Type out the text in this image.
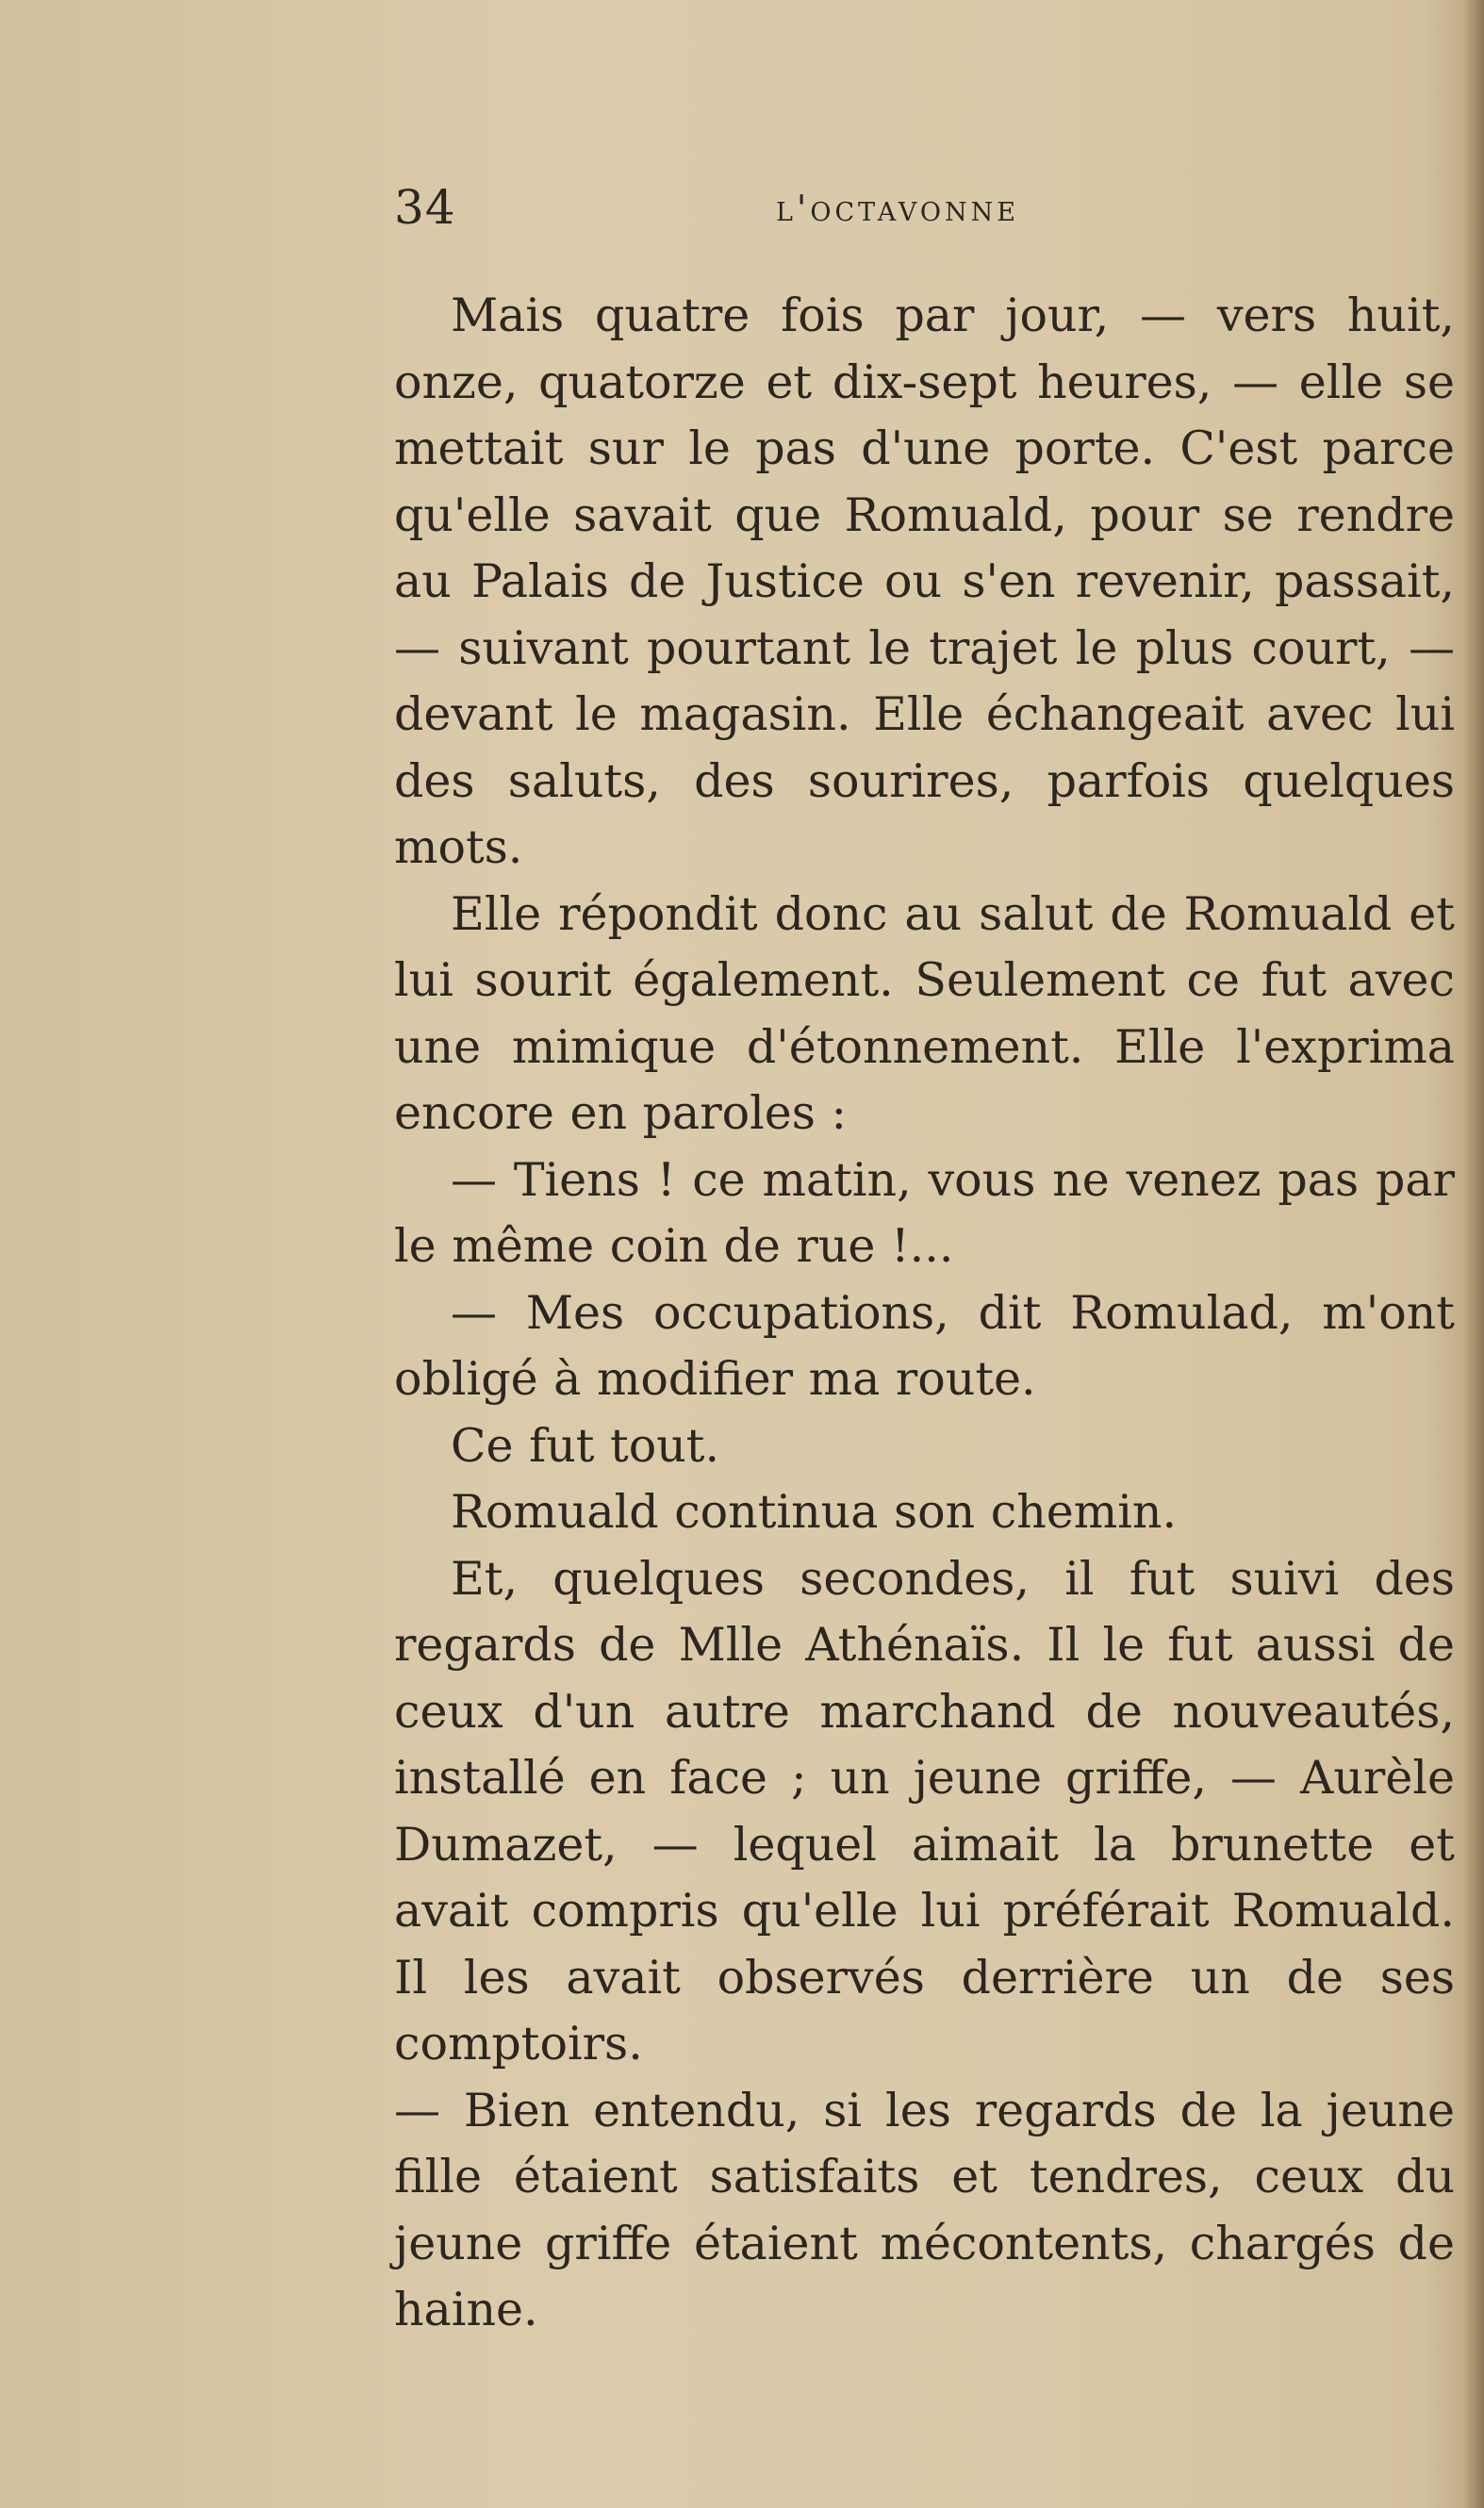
34	l'octavonne

Mais quatre fois par jour, — vers huit, onze, quatorze et dix-sept heures, — elle se mettait sur le pas d'une porte. C'est parce qu'elle savait que Romuald, pour se rendre au Palais de Justice ou s'en revenir, passait, — suivant pourtant le trajet le plus court, — devant le magasin. Elle échangeait avec lui des saluts, des sourires, parfois quelques mots.

Elle répondit donc au salut de Romuald et lui sourit également. Seulement ce fut avec une mimique d'étonnement. Elle l'exprima encore en paroles :

— Tiens ! ce matin, vous ne venez pas par le même coin de rue !...

— Mes occupations, dit Romulad, m'ont obligé à modifier ma route.

Ce fut tout.

Romuald continua son chemin.

Et, quelques secondes, il fut suivi des regards de Mlle Athénaïs. Il le fut aussi de ceux d'un autre marchand de nouveautés, installé en face ; un jeune griffe, — Aurèle Dumazet, — lequel aimait la brunette et avait compris qu'elle lui préférait Romuald. Il les avait observés derrière un de ses comptoirs.

— Bien entendu, si les regards de la jeune fille étaient satisfaits et tendres, ceux du jeune griffe étaient mécontents, chargés de haine.
